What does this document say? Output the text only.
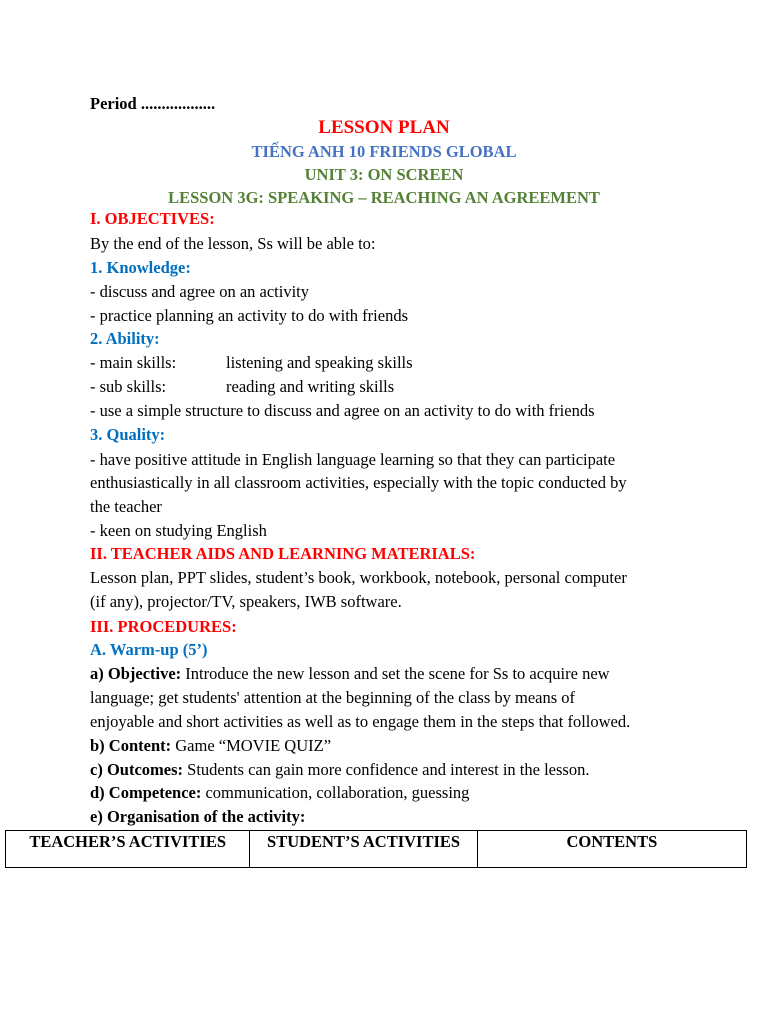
Period ..................
LESSON PLAN
TIẾNG ANH 10 FRIENDS GLOBAL
UNIT 3: ON SCREEN
LESSON 3G: SPEAKING – REACHING AN AGREEMENT
I. OBJECTIVES:
By the end of the lesson, Ss will be able to:
1. Knowledge:
- discuss and agree on an activity
- practice planning an activity to do with friends
2. Ability:
- main skills:	listening and speaking skills
- sub skills:	reading and writing skills
- use a simple structure to discuss and agree on an activity to do with friends
3. Quality:
- have positive attitude in English language learning so that they can participate
enthusiastically in all classroom activities, especially with the topic conducted by
the teacher
- keen on studying English
II. TEACHER AIDS AND LEARNING MATERIALS:
Lesson plan, PPT slides, student’s book, workbook, notebook, personal computer
(if any), projector/TV, speakers, IWB software.
III. PROCEDURES:
A. Warm-up (5’)
a) Objective: Introduce the new lesson and set the scene for Ss to acquire new
language; get students' attention at the beginning of the class by means of
enjoyable and short activities as well as to engage them in the steps that followed.
b) Content: Game “MOVIE QUIZ”
c) Outcomes: Students can gain more confidence and interest in the lesson.
d) Competence: communication, collaboration, guessing
e) Organisation of the activity:
TEACHER’S ACTIVITIES	STUDENT’S ACTIVITIES	CONTENTS
